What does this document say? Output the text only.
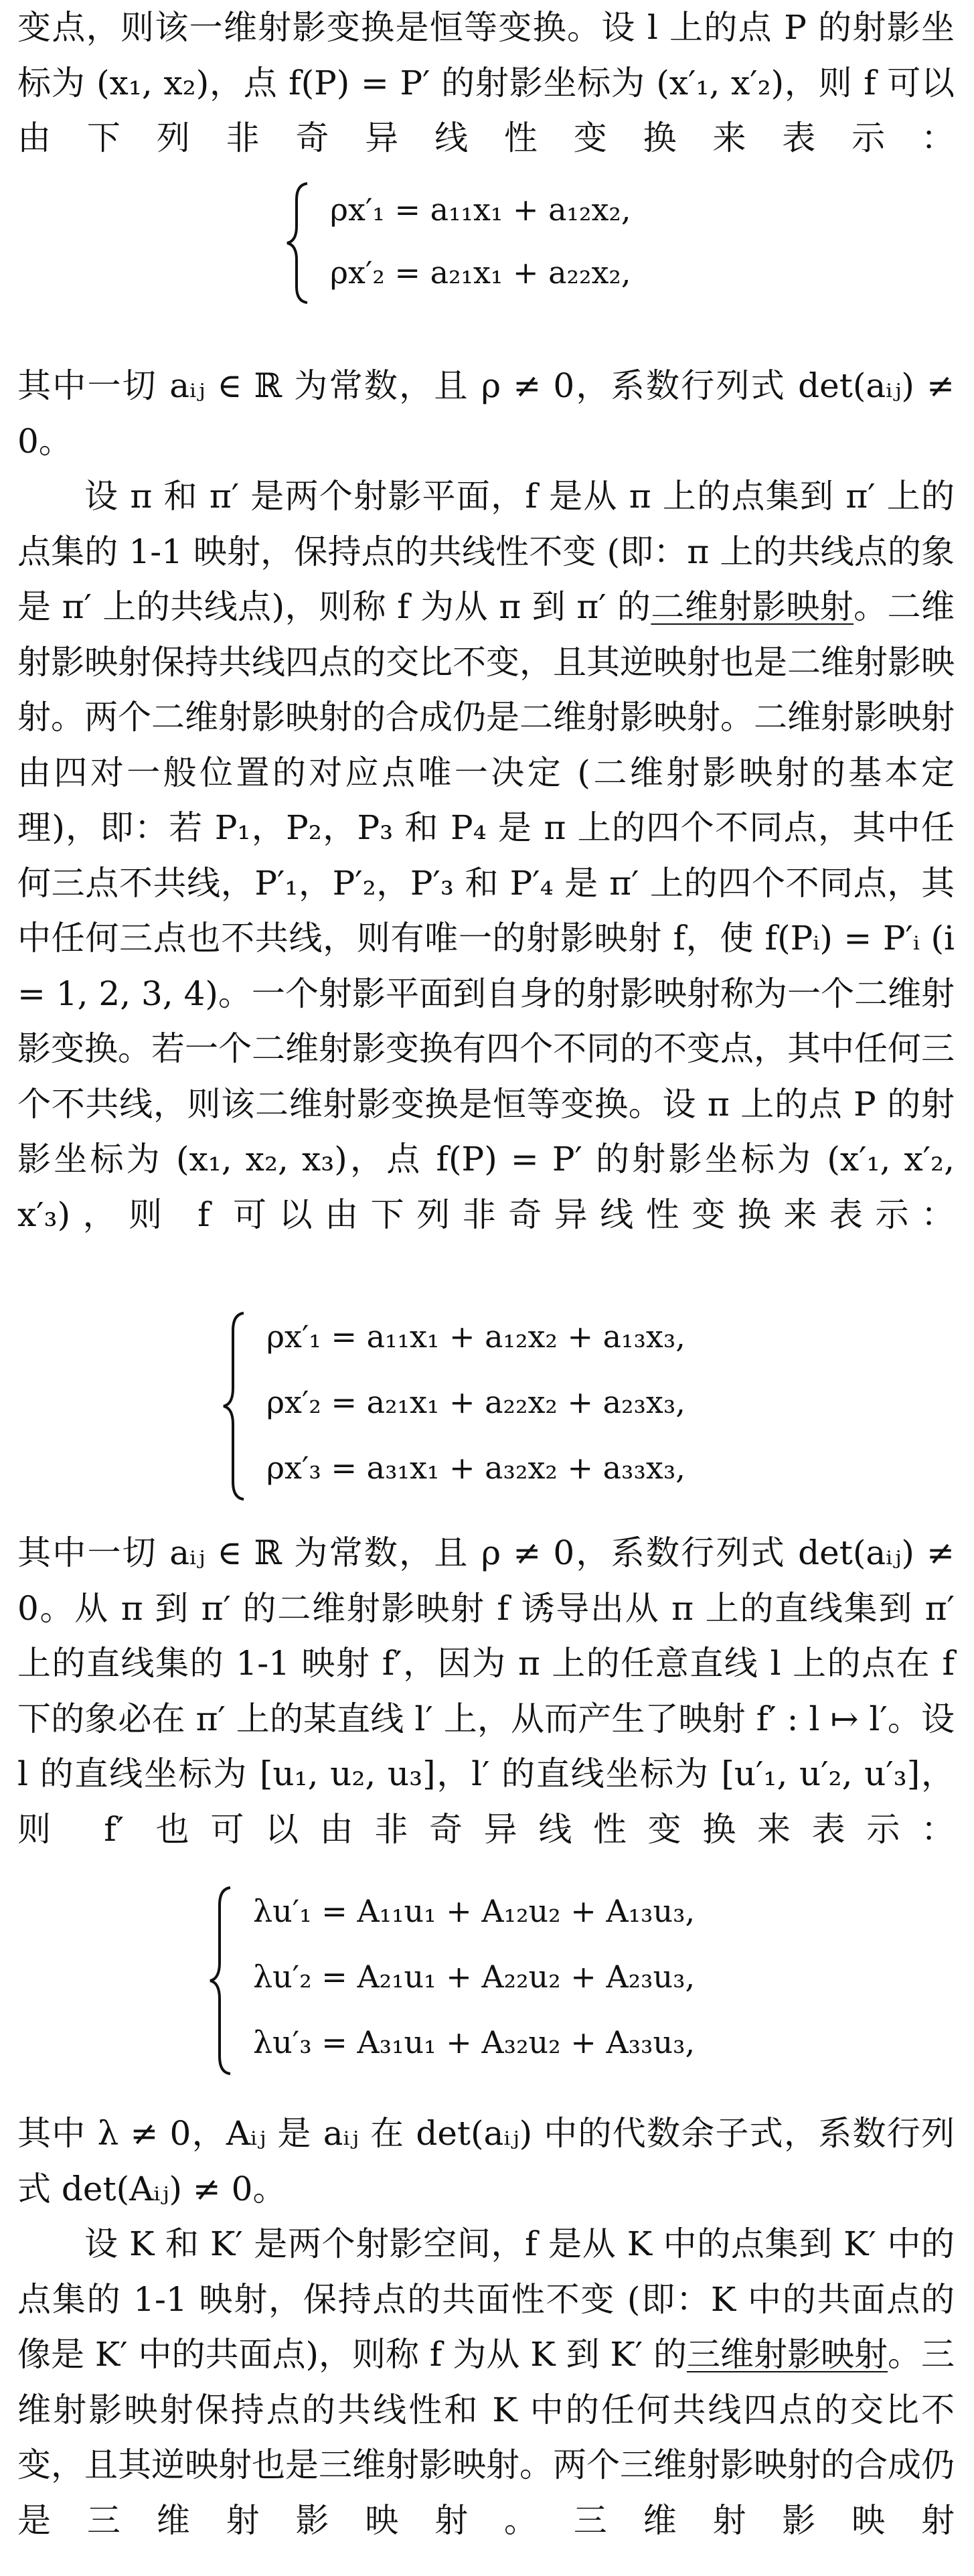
变点，则该一维射影变换是恒等变换。设 l 上的点 P 的射影坐标为 (x₁, x₂)，点 f(P) = P′ 的射影坐标为 (x′₁, x′₂)，则 f 可以由下列非奇异线性变换来表示：

ρx′₁ = a₁₁x₁ + a₁₂x₂,
ρx′₂ = a₂₁x₁ + a₂₂x₂,

其中一切 aᵢⱼ ∈ ℝ 为常数，且 ρ ≠ 0，系数行列式 det(aᵢⱼ) ≠ 0。

设 π 和 π′ 是两个射影平面，f 是从 π 上的点集到 π′ 上的点集的 1-1 映射，保持点的共线性不变 (即：π 上的共线点的象是 π′ 上的共线点)，则称 f 为从 π 到 π′ 的二维射影映射。二维射影映射保持共线四点的交比不变，且其逆映射也是二维射影映射。两个二维射影映射的合成仍是二维射影映射。二维射影映射由四对一般位置的对应点唯一决定 (二维射影映射的基本定理)，即：若 P₁，P₂，P₃ 和 P₄ 是 π 上的四个不同点，其中任何三点不共线，P′₁，P′₂，P′₃ 和 P′₄ 是 π′ 上的四个不同点，其中任何三点也不共线，则有唯一的射影映射 f，使 f(Pᵢ) = P′ᵢ (i = 1, 2, 3, 4)。一个射影平面到自身的射影映射称为一个二维射影变换。若一个二维射影变换有四个不同的不变点，其中任何三个不共线，则该二维射影变换是恒等变换。设 π 上的点 P 的射影坐标为 (x₁, x₂, x₃)，点 f(P) = P′ 的射影坐标为 (x′₁, x′₂, x′₃)，则 f 可以由下列非奇异线性变换来表示：

ρx′₁ = a₁₁x₁ + a₁₂x₂ + a₁₃x₃,
ρx′₂ = a₂₁x₁ + a₂₂x₂ + a₂₃x₃,
ρx′₃ = a₃₁x₁ + a₃₂x₂ + a₃₃x₃,

其中一切 aᵢⱼ ∈ ℝ 为常数，且 ρ ≠ 0，系数行列式 det(aᵢⱼ) ≠ 0。从 π 到 π′ 的二维射影映射 f 诱导出从 π 上的直线集到 π′ 上的直线集的 1-1 映射 f′，因为 π 上的任意直线 l 上的点在 f 下的象必在 π′ 上的某直线 l′ 上，从而产生了映射 f′ : l ↦ l′。设 l 的直线坐标为 [u₁, u₂, u₃]，l′ 的直线坐标为 [u′₁, u′₂, u′₃]，则 f′ 也可以由非奇异线性变换来表示：

λu′₁ = A₁₁u₁ + A₁₂u₂ + A₁₃u₃,
λu′₂ = A₂₁u₁ + A₂₂u₂ + A₂₃u₃,
λu′₃ = A₃₁u₁ + A₃₂u₂ + A₃₃u₃,

其中 λ ≠ 0，Aᵢⱼ 是 aᵢⱼ 在 det(aᵢⱼ) 中的代数余子式，系数行列式 det(Aᵢⱼ) ≠ 0。

设 K 和 K′ 是两个射影空间，f 是从 K 中的点集到 K′ 中的点集的 1-1 映射，保持点的共面性不变 (即：K 中的共面点的像是 K′ 中的共面点)，则称 f 为从 K 到 K′ 的三维射影映射。三维射影映射保持点的共线性和 K 中的任何共线四点的交比不变，且其逆映射也是三维射影映射。两个三维射影映射的合成仍是三维射影映射。三维射影映射
